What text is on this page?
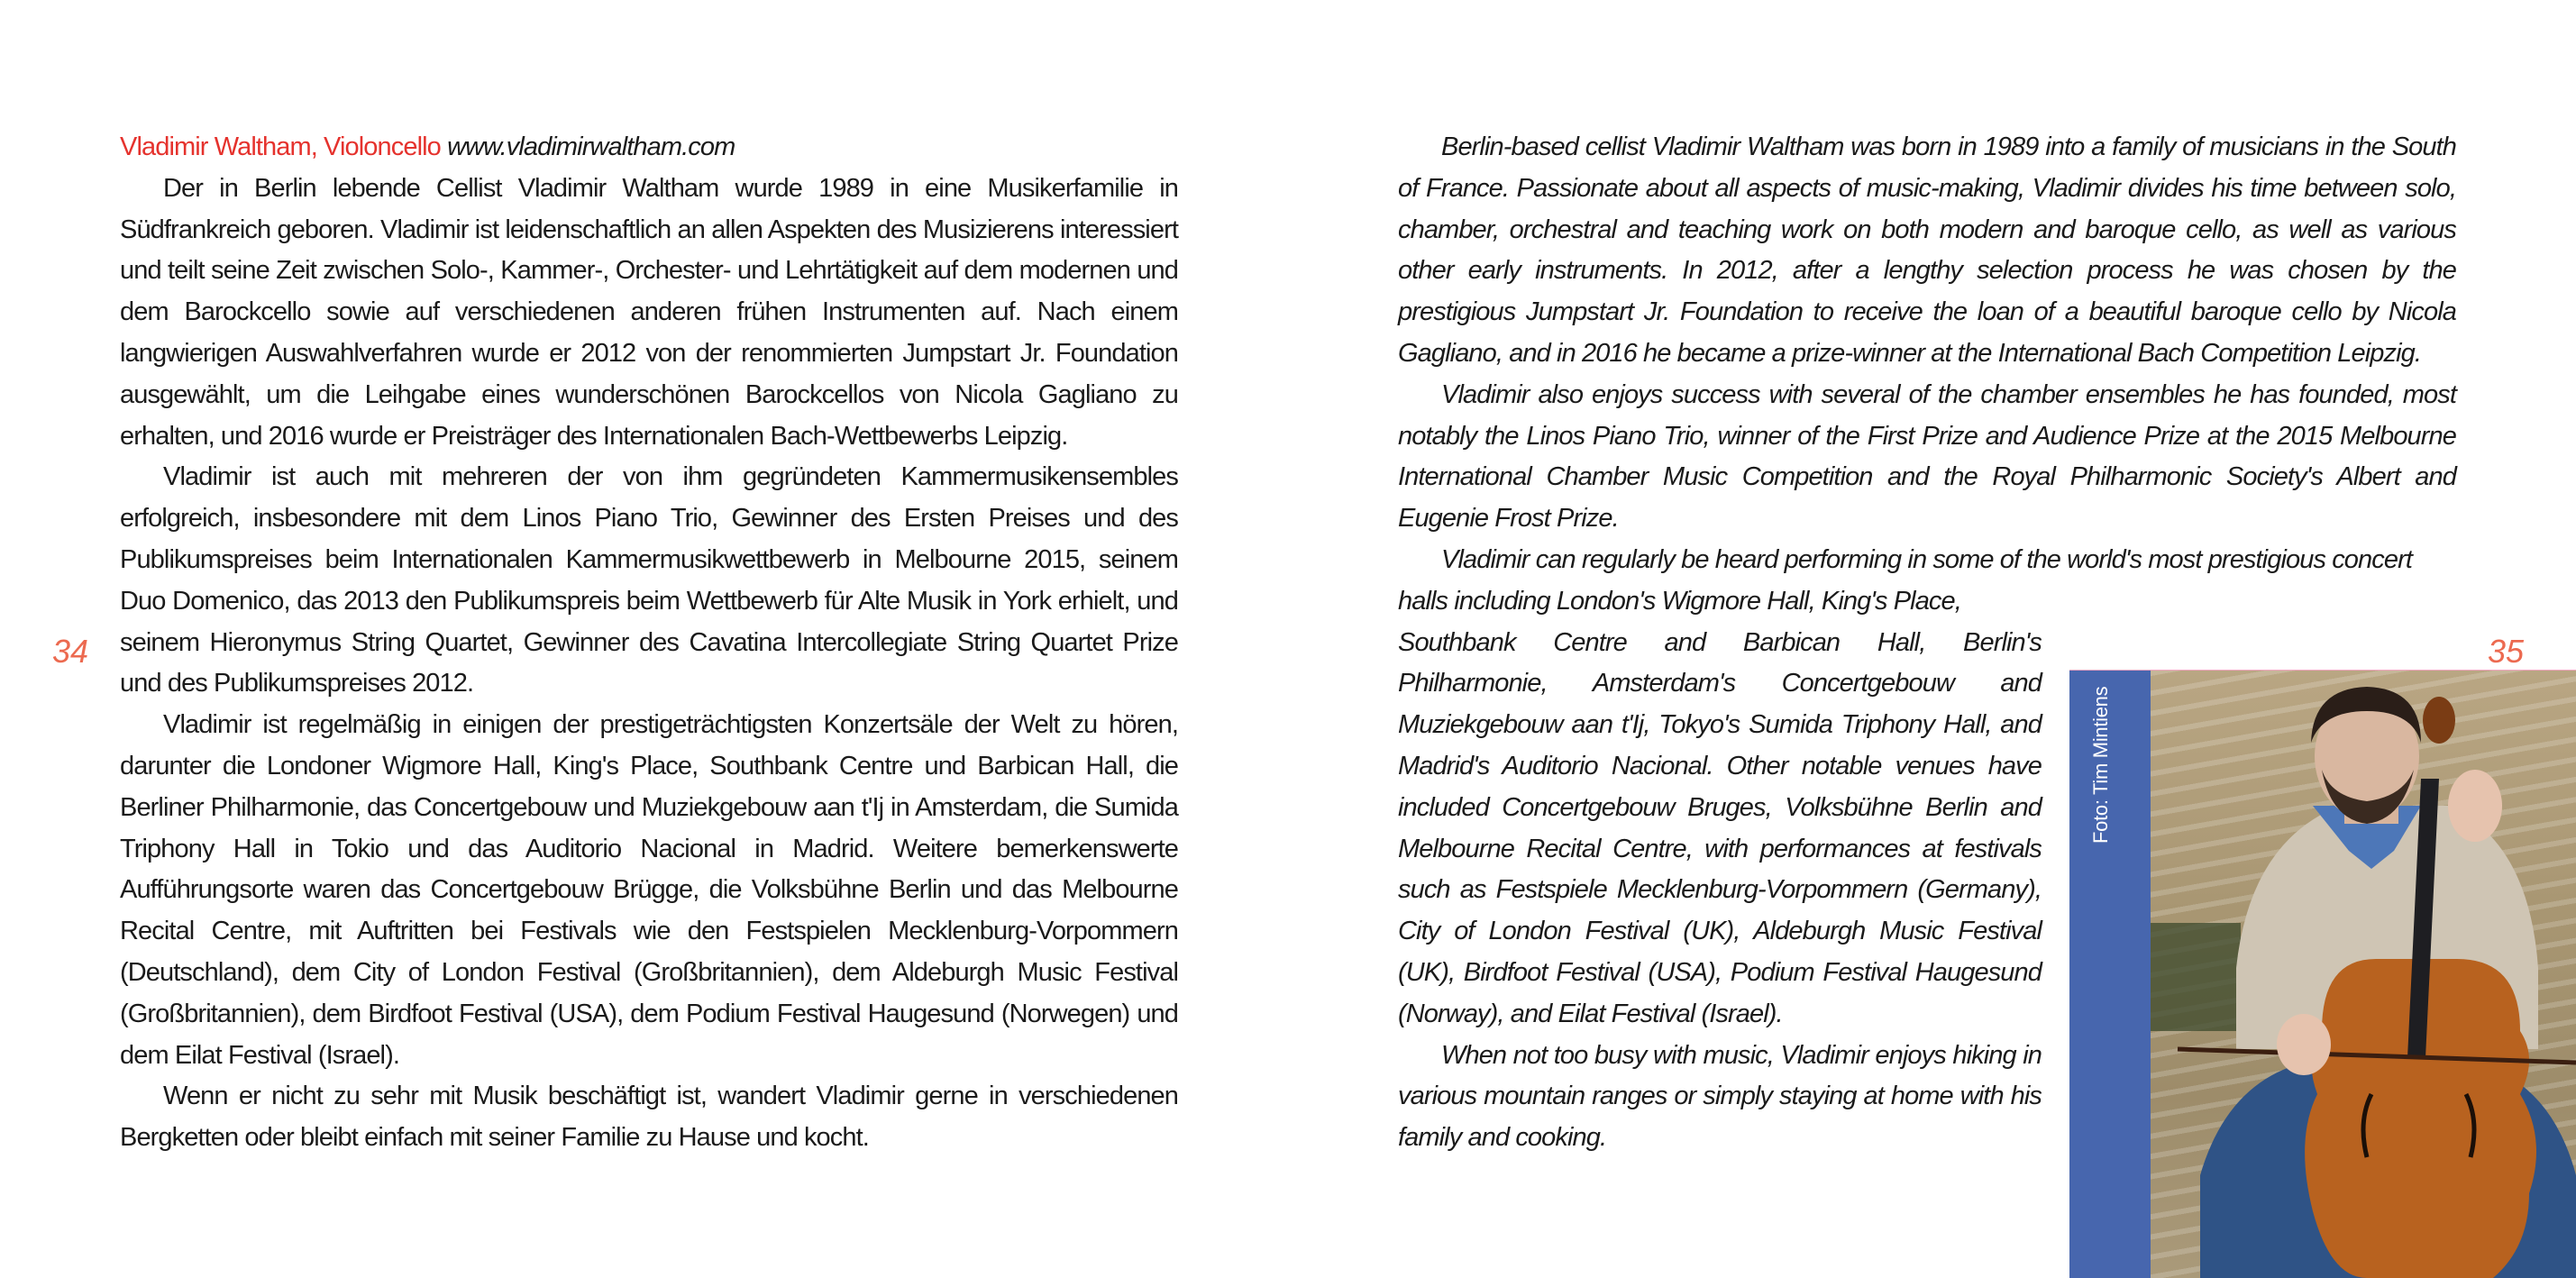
34

Vladimir Waltham, Violoncello www.vladimirwaltham.com

Der in Berlin lebende Cellist Vladimir Waltham wurde 1989 in eine Musikerfamilie in Südfrankreich geboren. Vladimir ist leidenschaftlich an allen Aspekten des Musizierens interessiert und teilt seine Zeit zwischen Solo-, Kammer-, Orchester- und Lehrtätigkeit auf dem modernen und dem Barockcello sowie auf verschiedenen anderen frühen Instrumenten auf. Nach einem langwierigen Auswahlverfahren wurde er 2012 von der renommierten Jumpstart Jr. Foundation ausgewählt, um die Leihgabe eines wunderschönen Barockcellos von Nicola Gagliano zu erhalten, und 2016 wurde er Preisträger des Internationalen Bach-Wettbewerbs Leipzig.

Vladimir ist auch mit mehreren der von ihm gegründeten Kammermusikensembles erfolgreich, insbesondere mit dem Linos Piano Trio, Gewinner des Ersten Preises und des Publikumspreises beim Internationalen Kammermusikwettbewerb in Melbourne 2015, seinem Duo Domenico, das 2013 den Publikumspreis beim Wettbewerb für Alte Musik in York erhielt, und seinem Hieronymus String Quartet, Gewinner des Cavatina Intercollegiate String Quartet Prize und des Publikumspreises 2012.

Vladimir ist regelmäßig in einigen der prestigeträchtigsten Konzertsäle der Welt zu hören, darunter die Londoner Wigmore Hall, King's Place, Southbank Centre und Barbican Hall, die Berliner Philharmonie, das Concertgebouw und Muziekgebouw aan t'Ij in Amsterdam, die Sumida Triphony Hall in Tokio und das Auditorio Nacional in Madrid. Weitere bemerkenswerte Aufführungsorte waren das Concertgebouw Brügge, die Volksbühne Berlin und das Melbourne Recital Centre, mit Auftritten bei Festivals wie den Festspielen Mecklenburg-Vorpommern (Deutschland), dem City of London Festival (Großbritannien), dem Aldeburgh Music Festival (Großbritannien), dem Birdfoot Festival (USA), dem Podium Festival Haugesund (Norwegen) und dem Eilat Festival (Israel).

Wenn er nicht zu sehr mit Musik beschäftigt ist, wandert Vladimir gerne in verschiedenen Bergketten oder bleibt einfach mit seiner Familie zu Hause und kocht.

35

Berlin-based cellist Vladimir Waltham was born in 1989 into a family of musicians in the South of France. Passionate about all aspects of music-making, Vladimir divides his time between solo, chamber, orchestral and teaching work on both modern and baroque cello, as well as various other early instruments. In 2012, after a lengthy selection process he was chosen by the prestigious Jumpstart Jr. Foundation to receive the loan of a beautiful baroque cello by Nicola Gagliano, and in 2016 he became a prize-winner at the International Bach Competition Leipzig.

Vladimir also enjoys success with several of the chamber ensembles he has founded, most notably the Linos Piano Trio, winner of the First Prize and Audience Prize at the 2015 Melbourne International Chamber Music Competition and the Royal Philharmonic Society's Albert and Eugenie Frost Prize.

Vladimir can regularly be heard performing in some of the world's most prestigious concert halls including London's Wigmore Hall, King's Place,

Southbank Centre and Barbican Hall, Berlin's Philharmonie, Amsterdam's Concertgebouw and Muziekgebouw aan t'Ij, Tokyo's Sumida Triphony Hall, and Madrid's Auditorio Nacional. Other notable venues have included Concertgebouw Bruges, Volksbühne Berlin and Melbourne Recital Centre, with performances at festivals such as Festspiele Mecklenburg-Vorpommern (Germany), City of London Festival (UK), Aldeburgh Music Festival (UK), Birdfoot Festival (USA), Podium Festival Haugesund (Norway), and Eilat Festival (Israel).

When not too busy with music, Vladimir enjoys hiking in various mountain ranges or simply staying at home with his family and cooking.

Foto: Tim Mintiens
